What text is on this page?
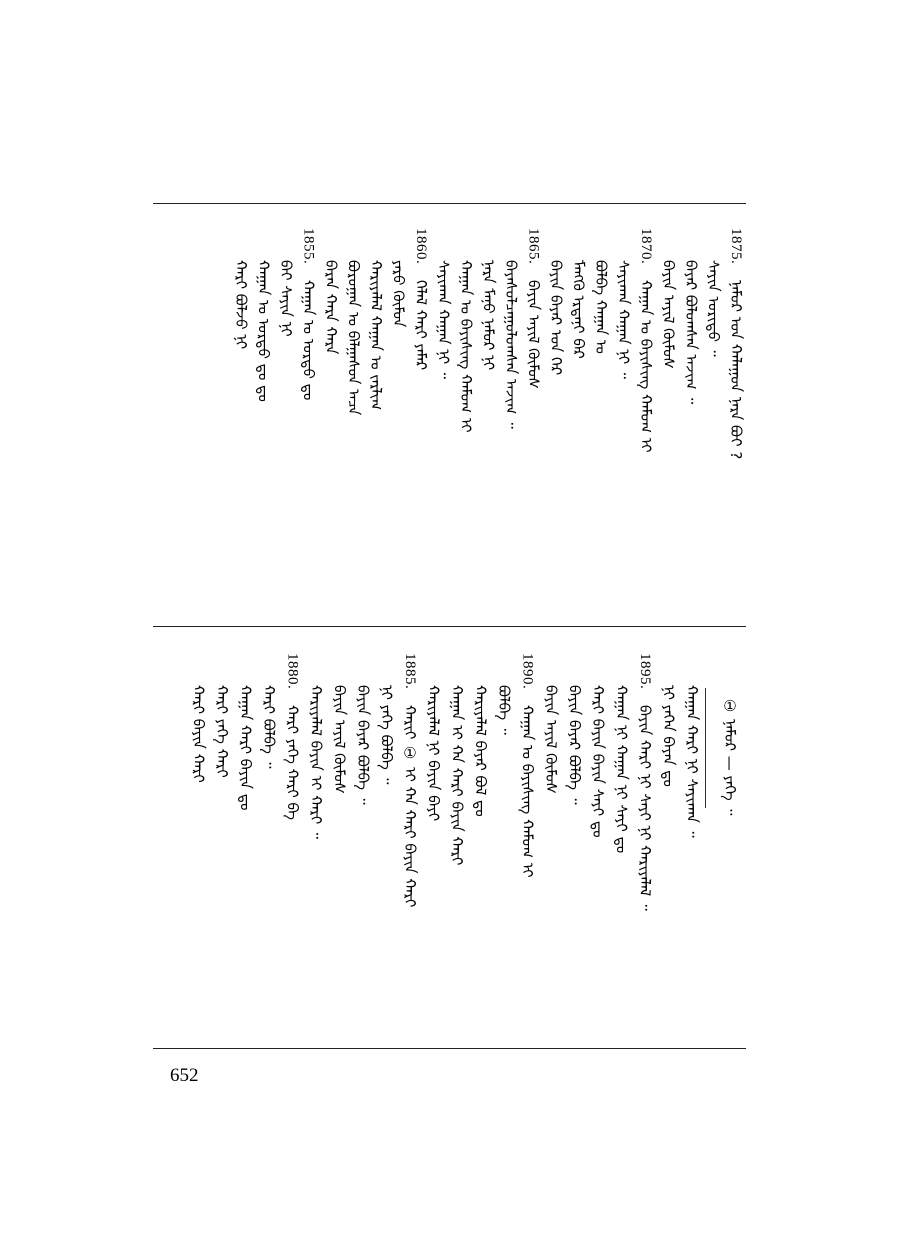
1875.
ᠨᠠᠮᠤᠷ ᠤᠨ ᠬᠠᠯᠠᠭᠤᠨ ᠨᠠᠷᠠ ᠪᠤᠢ ?
ᠰᠠᠶᠢᠨ ᠤᠷᠢᠳᠤ ᠃
ᠪᠠᠶᠠᠷ ᠪᠤᠯᠤᠭᠰᠠᠨ ᠠᠵᠢᠭ ᠃
ᠪᠠᠶᠢᠨ ᠠᠶᠢᠯ ᠬᠦᠮᠦᠰ
1870.
ᠬᠠᠭᠠᠨ ᠤ ᠪᠠᠶᠢᠰᠢᠩ ᠬᠠᠮᠤᠭ ᠢ
ᠰᠠᠶᠢᠬᠠᠨ ᠬᠠᠭᠠᠨ ᠨᠢ ᠃
ᠪᠣᠯᠪᠠ ᠬᠠᠭᠠᠨ ᠤ
ᠮᠡᠩᠭᠦ ᠡᠷᠳᠡᠨᠢ ᠪᠠᠷ
ᠪᠠᠶᠢᠨ ᠪᠠᠶᠠᠷ ᠤᠨ ᠭᠡᠷ
1865.
ᠪᠠᠶᠢᠨ ᠠᠶᠢᠯ ᠬᠦᠮᠦᠰ
ᠪᠠᠶᠠᠰᠤᠯᠴᠠᠭᠤᠯᠤᠭᠰᠠᠨ ᠠᠵᠢᠭ ᠃
ᠨᠠᠷᠠ ᠮᠠᠨᠤ ᠨᠠᠮᠤᠷ ᠨᠢ
ᠬᠠᠭᠠᠨ ᠤ ᠪᠠᠶᠢᠰᠢᠩ ᠬᠠᠮᠤᠭ ᠢ
ᠰᠠᠶᠢᠬᠠᠨ ᠬᠠᠭᠠᠨ ᠨᠢ ᠃
1860.
ᠬᠡᠯᠡᠯ ᠬᠠᠷᠢ ᠶᠠᠮᠠᠷ
ᠶᠡᠷᠦ ᠬᠦᠮᠦᠨ
ᠬᠠᠷᠢᠶᠠᠯᠠᠯ ᠬᠠᠭᠠᠨ ᠤ ᠵᠠᠷᠯᠢᠭ
ᠪᠣᠷᠣᠭᠠᠨ ᠤ ᠪᠠᠯᠭᠠᠰᠤᠨ ᠠᠴᠠ
ᠪᠠᠷᠠᠨ ᠬᠠᠷᠠ ᠬᠠᠷᠠ
1855.
ᠬᠠᠭᠠᠨ ᠤ ᠣᠷᠳᠤ ᠳᠤ
ᠪᠠᠢ ᠰᠠᠶᠢᠨ ᠨᠢ
ᠬᠠᠭᠠᠨ ᠤ ᠣᠷᠳᠤ ᠳᠤ ᠳᠤ
ᠬᠠᠷᠢ ᠪᠣᠯᠵᠤ ᠨᠢ
①
ᠨᠠᠮᠤᠷ — ᠶᠡᠬᠡ ᠃
ᠬᠠᠭᠠᠨ ᠬᠠᠷᠢ ᠨᠢ ᠰᠠᠶᠢᠬᠠᠨ ᠃
ᠨᠢ ᠶᠡᠬᠡᠨ ᠪᠠᠶᠠᠨ ᠳᠤ
1895.
ᠪᠠᠶᠢᠨ ᠬᠠᠷᠢ ᠨᠢ ᠰᠠᠶᠢ ᠨᠢ ᠬᠠᠷᠢᠶᠠᠯᠠᠯ ᠃
ᠬᠠᠭᠠᠨ ᠨᠢ ᠬᠠᠭᠠᠨ ᠨᠢ ᠰᠠᠶᠢ ᠳᠤ
ᠬᠠᠷᠢ ᠪᠠᠶᠢᠨ ᠪᠠᠶᠢᠨ ᠰᠠᠶᠢ ᠳᠤ
ᠪᠠᠶᠢᠨ ᠪᠠᠶᠠᠷ ᠪᠣᠯᠪᠠ ᠃
ᠪᠠᠶᠢᠨ ᠠᠶᠢᠯ ᠬᠦᠮᠦᠰ
1890.
ᠬᠠᠭᠠᠨ ᠤ ᠪᠠᠶᠢᠰᠢᠩ ᠬᠠᠮᠤᠭ ᠢ
ᠪᠣᠯᠪᠠ ᠃
ᠬᠠᠷᠢᠶᠠᠯᠠᠯ ᠪᠠᠶᠠᠷ ᠪᠣᠯ ᠳᠤ
ᠬᠠᠭᠠᠨ ᠢ ᠬᠠ ᠬᠠᠷᠢ ᠪᠠᠶᠢᠨ ᠬᠠᠷᠢ
ᠬᠠᠷᠢᠶᠠᠯᠠᠯ ᠨᠢ ᠪᠠᠶᠢᠨ ᠪᠠᠶᠢ
1885.
ᠬᠠᠷᠢᠶ ① ᠢ ᠬᠠ ᠬᠠᠷᠢ ᠪᠠᠶᠢᠨ ᠬᠠᠷᠢ
ᠨᠢ ᠶᠡᠬᠡ ᠪᠣᠯᠪᠠ ᠃
ᠪᠠᠶᠢᠨ ᠪᠠᠶᠠᠷ ᠪᠣᠯᠪᠠ ᠃
ᠪᠠᠶᠢᠨ ᠠᠶᠢᠯ ᠬᠦᠮᠦᠰ
ᠬᠠᠷᠢᠶᠠᠯᠠᠯ ᠪᠠᠶᠢᠨ ᠢ ᠬᠠᠷᠢ ᠃
1880.
ᠬᠠᠷᠢ ᠶᠡᠬᠡ ᠬᠠᠷᠢ ᠪᠠ
ᠬᠠᠷᠢ ᠪᠣᠯᠪᠠ ᠃
ᠬᠠᠭᠠᠨ ᠬᠠᠷᠢ ᠪᠠᠶᠢᠨ ᠳᠤ
ᠬᠠᠷᠢ ᠶᠡᠬᠡ ᠬᠠᠷᠢ
ᠬᠠᠷᠢ ᠪᠠᠶᠢᠨ ᠬᠠᠷᠢ
652
